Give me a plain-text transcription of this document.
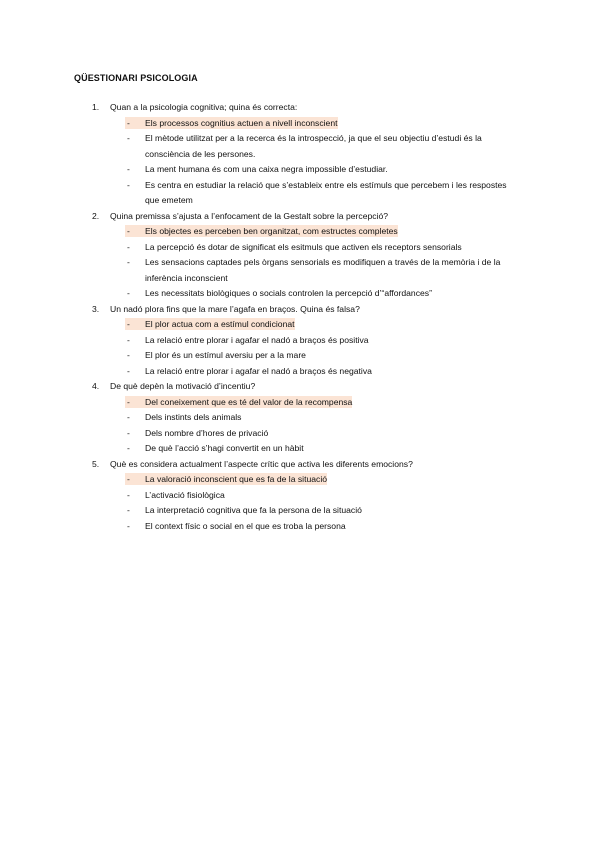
QÜESTIONARI PSICOLOGIA
1. Quan a la psicologia cognitiva; quina és correcta:
- Els processos cognitius actuen a nivell inconscient
- El mètode utilitzat per a la recerca és la introspecció, ja que el seu objectiu d’estudi és la consciència de les persones.
- La ment humana és com una caixa negra impossible d’estudiar.
- Es centra en estudiar la relació que s’estableix entre els estímuls que percebem i les respostes que emetem
2. Quina premissa s’ajusta a l’enfocament de la Gestalt sobre la percepció?
- Els objectes es perceben ben organitzat, com estructes completes
- La percepció és dotar de significat els esitmuls que activen els receptors sensorials
- Les sensacions captades pels òrgans sensorials es modifiquen a través de la memòria i de la inferència inconscient
- Les necessitats biològiques o socials controlen la percepció d’“affordances”
3. Un nadó plora fins que la mare l’agafa en braços. Quina és falsa?
- El plor actua com a estímul condicionat
- La relació entre plorar i agafar el nadó a braços és positiva
- El plor és un estímul aversiu per a la mare
- La relació entre plorar i agafar el nadó a braços és negativa
4. De què depèn la motivació d’incentiu?
- Del coneixement que es té del valor de la recompensa
- Dels instints dels animals
- Dels nombre d’hores de privació
- De què l’acció s’hagi convertit en un hàbit
5. Què es considera actualment l’aspecte crític que activa les diferents emocions?
- La valoració inconscient que es fa de la situació
- L’activació fisiològica
- La interpretació cognitiva que fa la persona de la situació
- El context físic o social en el que es troba la persona
